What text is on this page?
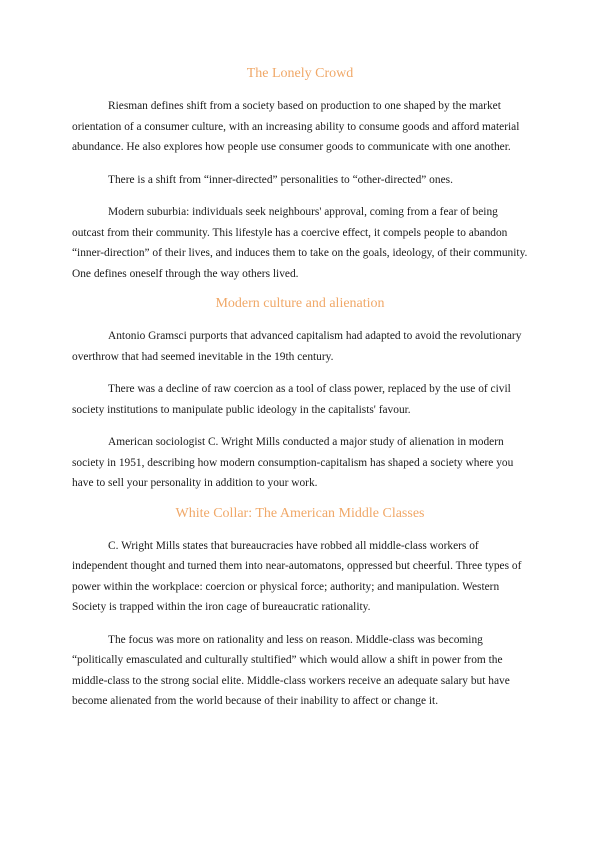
The Lonely Crowd

Riesman defines shift from a society based on production to one shaped by the market orientation of a consumer culture, with an increasing ability to consume goods and afford material abundance. He also explores how people use consumer goods to communicate with one another.

There is a shift from “inner-directed” personalities to “other-directed” ones.

Modern suburbia: individuals seek neighbours' approval, coming from a fear of being outcast from their community. This lifestyle has a coercive effect, it compels people to abandon “inner-direction” of their lives, and induces them to take on the goals, ideology, of their community. One defines oneself through the way others lived.

Modern culture and alienation

Antonio Gramsci purports that advanced capitalism had adapted to avoid the revolutionary overthrow that had seemed inevitable in the 19th century.

There was a decline of raw coercion as a tool of class power, replaced by the use of civil society institutions to manipulate public ideology in the capitalists' favour.

American sociologist C. Wright Mills conducted a major study of alienation in modern society in 1951, describing how modern consumption-capitalism has shaped a society where you have to sell your personality in addition to your work.

White Collar: The American Middle Classes

C. Wright Mills states that bureaucracies have robbed all middle-class workers of independent thought and turned them into near-automatons, oppressed but cheerful. Three types of power within the workplace: coercion or physical force; authority; and manipulation. Western Society is trapped within the iron cage of bureaucratic rationality.

The focus was more on rationality and less on reason. Middle-class was becoming “politically emasculated and culturally stultified” which would allow a shift in power from the middle-class to the strong social elite. Middle-class workers receive an adequate salary but have become alienated from the world because of their inability to affect or change it.
